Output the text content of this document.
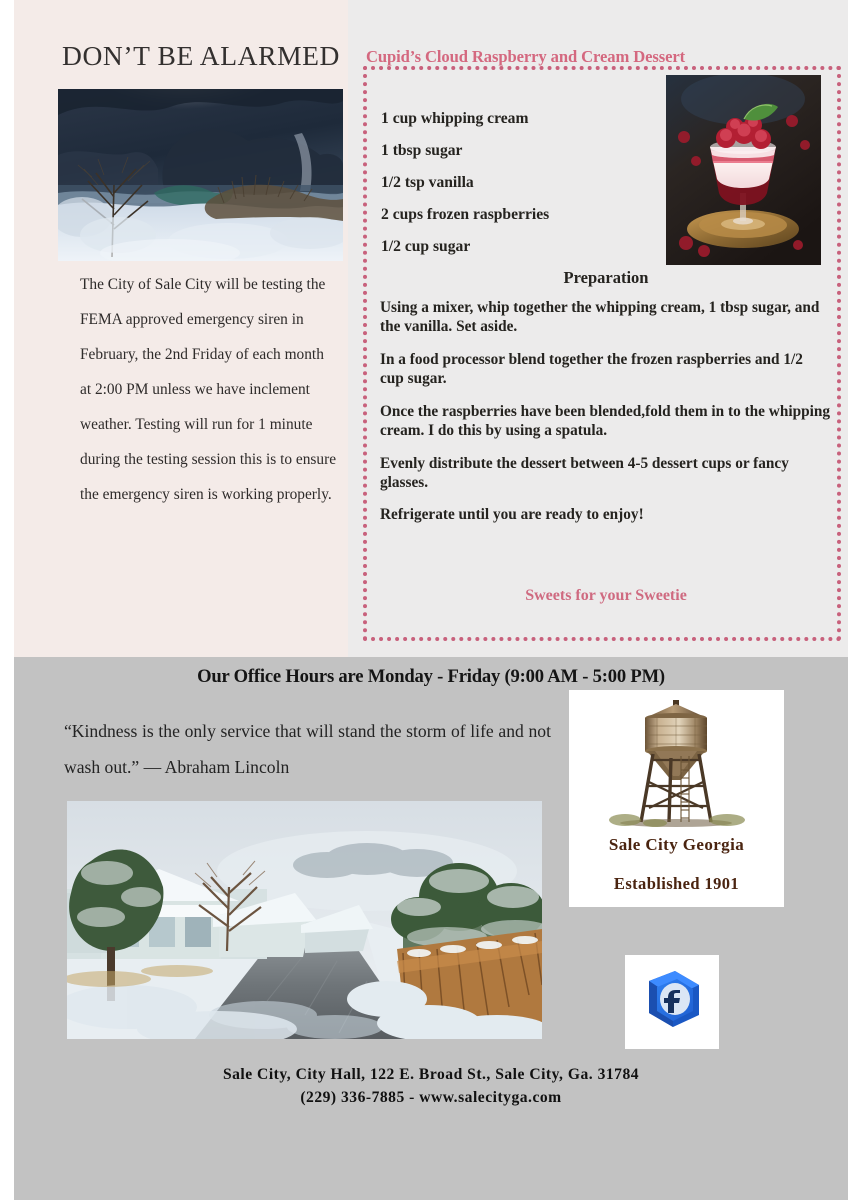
DON’T BE ALARMED
The City of Sale City will be testing the FEMA approved emergency siren in February, the 2nd Friday of each month at 2:00 PM unless we have inclement weather. Testing will run for 1 minute during the testing session this is to ensure the emergency siren is working properly.
Cupid’s Cloud Raspberry and Cream Dessert
1 cup whipping cream
1 tbsp sugar
1/2 tsp vanilla
2 cups frozen raspberries
1/2 cup sugar
Preparation
Using a mixer, whip together the whipping cream, 1 tbsp sugar, and the vanilla. Set aside.
In a food processor blend together the frozen raspberries and 1/2 cup sugar.
Once the raspberries have been blended,fold them in to the whipping cream. I do this by using a spatula.
Evenly distribute the dessert between 4-5 dessert cups or fancy glasses.
Refrigerate until you are ready to enjoy!
Sweets for your Sweetie
Our Office Hours are Monday - Friday (9:00 AM - 5:00 PM)
“Kindness is the only service that will stand the storm of life and not wash out.” — Abraham Lincoln
Sale City Georgia
Established 1901
Sale City, City Hall, 122 E. Broad St., Sale City, Ga. 31784
(229) 336-7885 - www.salecityga.com
